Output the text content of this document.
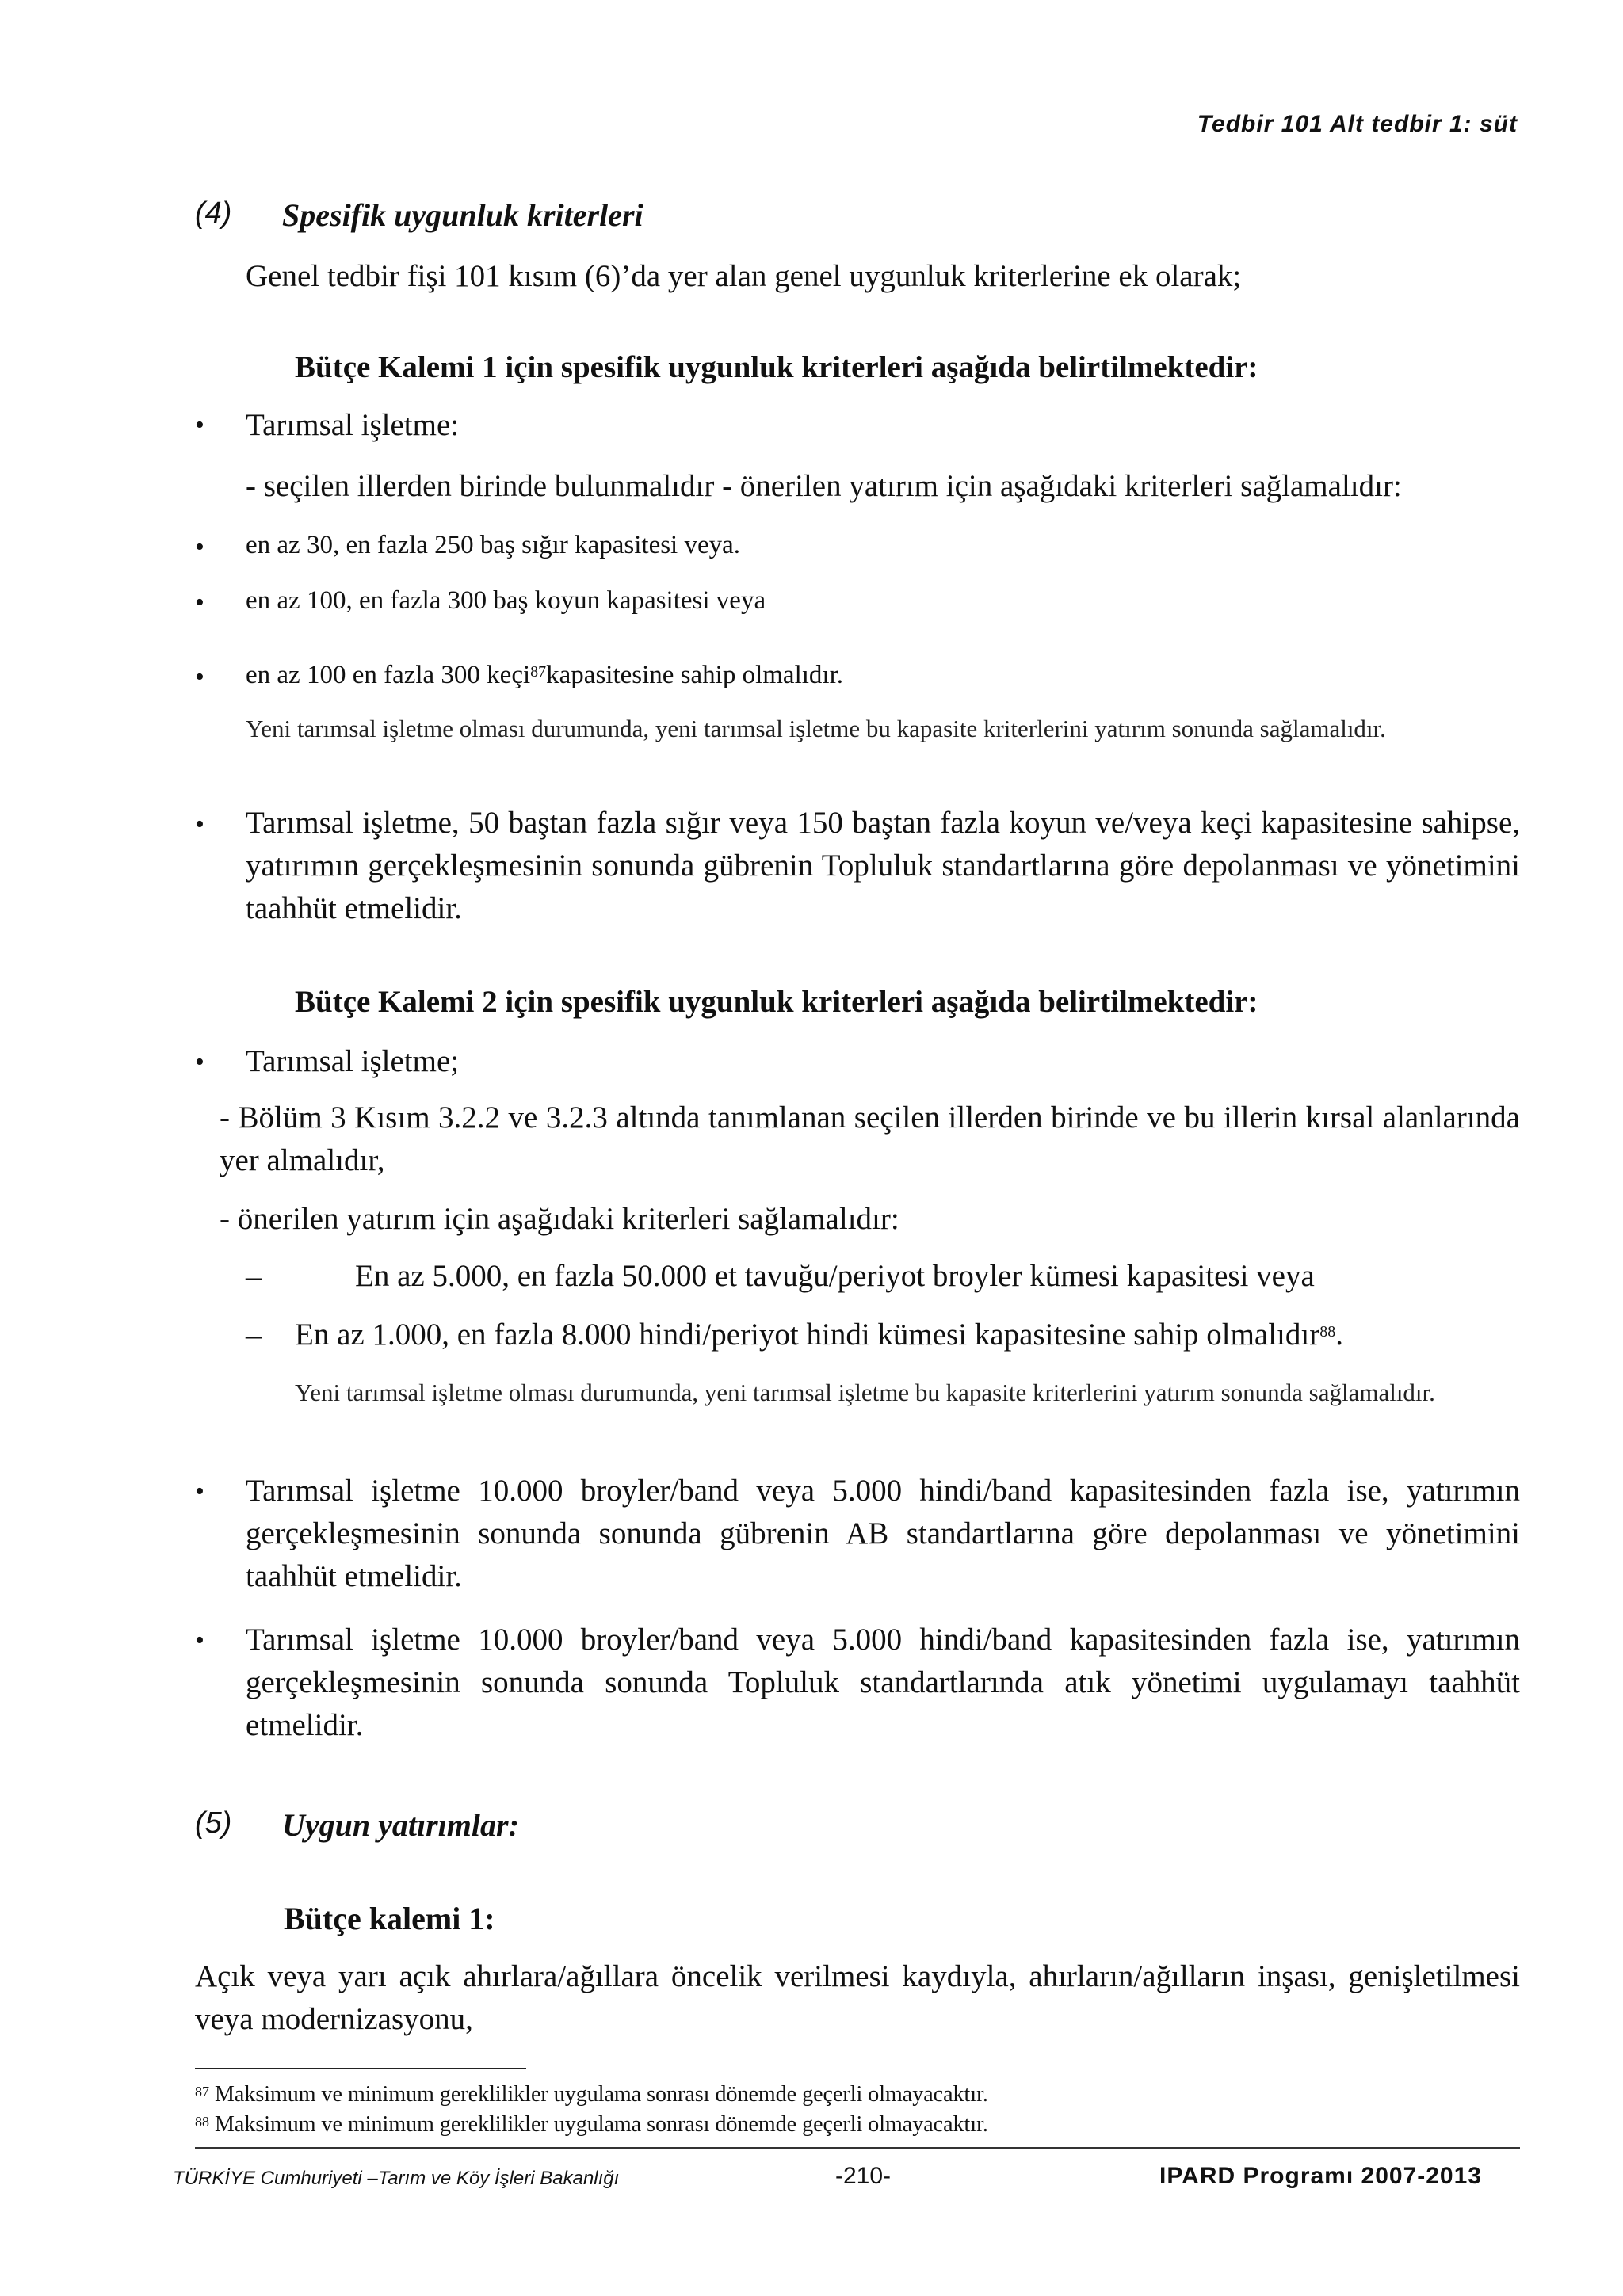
Tedbir 101 Alt tedbir 1: süt
(4) Spesifik uygunluk kriterleri
Genel tedbir fişi 101 kısım (6)’da yer alan genel uygunluk kriterlerine ek olarak;
Bütçe Kalemi 1 için spesifik uygunluk kriterleri aşağıda belirtilmektedir:
• Tarımsal işletme:
- seçilen illerden birinde bulunmalıdır - önerilen yatırım için aşağıdaki kriterleri sağlamalıdır:
• en az 30, en fazla 250 baş sığır kapasitesi veya.
• en az 100, en fazla 300 baş koyun kapasitesi veya
• en az 100 en fazla 300 keçi$^{87}$kapasitesine sahip olmalıdır.
Yeni tarımsal işletme olması durumunda, yeni tarımsal işletme bu kapasite kriterlerini yatırım sonunda sağlamalıdır.
• Tarımsal işletme, 50 baştan fazla sığır veya 150 baştan fazla koyun ve/veya keçi kapasitesine sahipse, yatırımın gerçekleşmesinin sonunda gübrenin Topluluk standartlarına göre depolanması ve yönetimini taahhüt etmelidir.
Bütçe Kalemi 2 için spesifik uygunluk kriterleri aşağıda belirtilmektedir:
• Tarımsal işletme;
- Bölüm 3 Kısım 3.2.2 ve 3.2.3 altında tanımlanan seçilen illerden birinde ve bu illerin kırsal alanlarında yer almalıdır,
- önerilen yatırım için aşağıdaki kriterleri sağlamalıdır:
–	En az 5.000, en fazla 50.000 et tavuğu/periyot broyler kümesi kapasitesi veya
– En az 1.000, en fazla 8.000 hindi/periyot hindi kümesi kapasitesine sahip olmalıdır$^{88}$.
Yeni tarımsal işletme olması durumunda, yeni tarımsal işletme bu kapasite kriterlerini yatırım sonunda sağlamalıdır.
• Tarımsal işletme 10.000 broyler/band veya 5.000 hindi/band kapasitesinden fazla ise, yatırımın gerçekleşmesinin sonunda sonunda gübrenin AB standartlarına göre depolanması ve yönetimini taahhüt etmelidir.
• Tarımsal işletme 10.000 broyler/band veya 5.000 hindi/band kapasitesinden fazla ise, yatırımın gerçekleşmesinin sonunda sonunda Topluluk standartlarında atık yönetimi uygulamayı taahhüt etmelidir.
(5) Uygun yatırımlar:
Bütçe kalemi 1:
Açık veya yarı açık ahırlara/ağıllara öncelik verilmesi kaydıyla, ahırların/ağılların inşası, genişletilmesi veya modernizasyonu,
$^{87}$ Maksimum ve minimum gereklilikler uygulama sonrası dönemde geçerli olmayacaktır.
$^{88}$ Maksimum ve minimum gereklilikler uygulama sonrası dönemde geçerli olmayacaktır.
TÜRKİYE Cumhuriyeti –Tarım ve Köy İşleri Bakanlığı	-210-	IPARD Programı 2007-2013
